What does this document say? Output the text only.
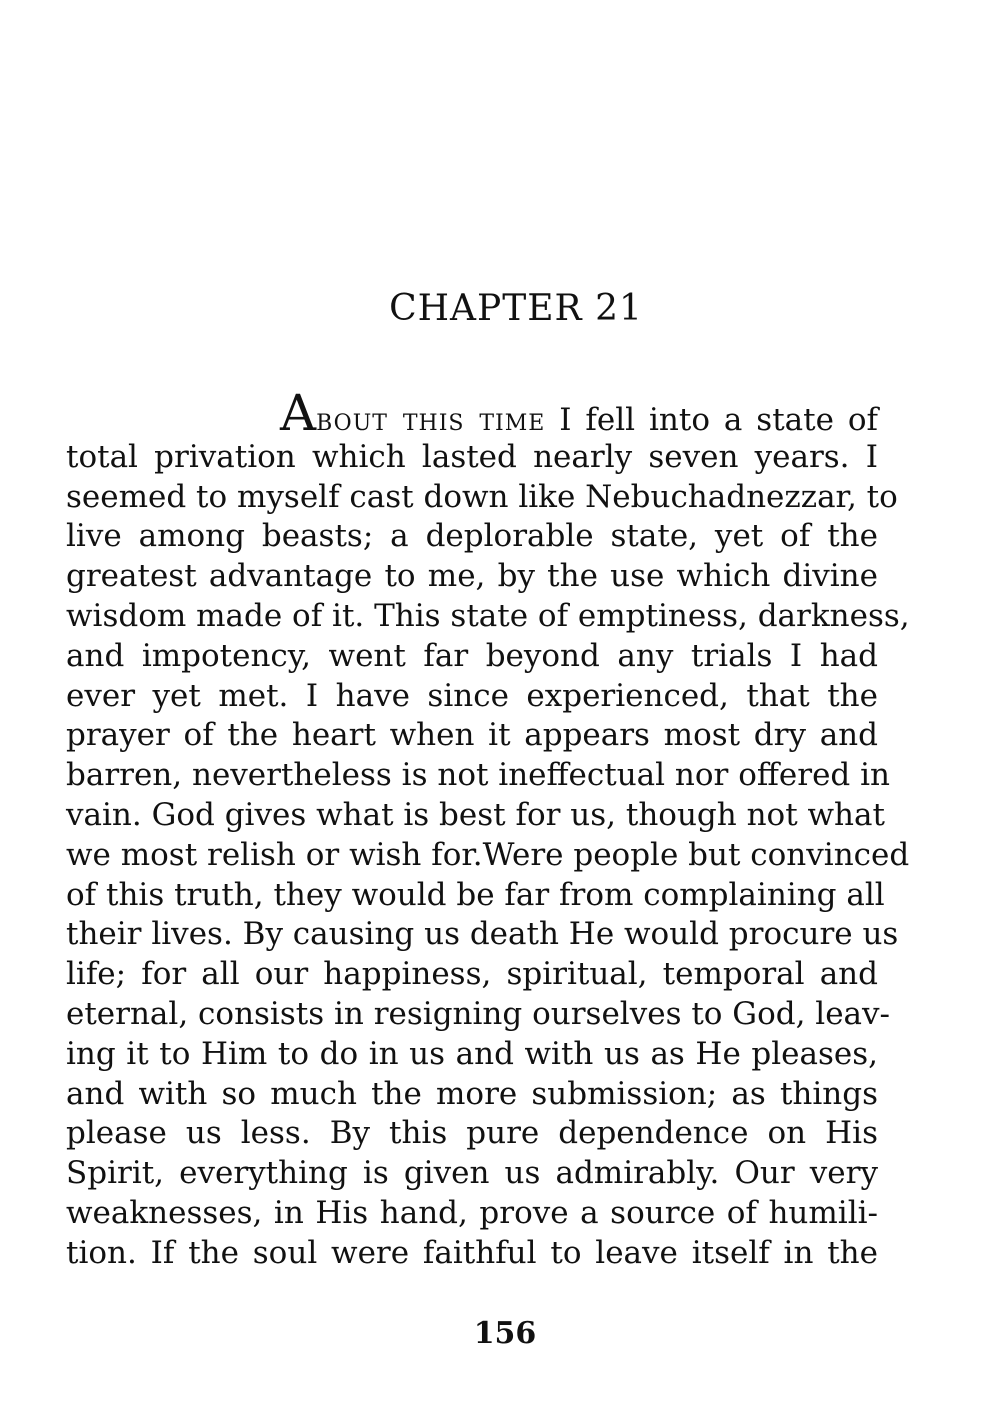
CHAPTER 21
About this time I fell into a state of
total privation which lasted nearly seven years. I
seemed to myself cast down like Nebuchadnezzar, to
live among beasts; a deplorable state, yet of the
greatest advantage to me, by the use which divine
wisdom made of it. This state of emptiness, darkness,
and impotency, went far beyond any trials I had
ever yet met. I have since experienced, that the
prayer of the heart when it appears most dry and
barren, nevertheless is not ineffectual nor offered in
vain. God gives what is best for us, though not what
we most relish or wish for.Were people but convinced
of this truth, they would be far from complaining all
their lives. By causing us death He would procure us
life; for all our happiness, spiritual, temporal and
eternal, consists in resigning ourselves to God, leav-
ing it to Him to do in us and with us as He pleases,
and with so much the more submission; as things
please us less. By this pure dependence on His
Spirit, everything is given us admirably. Our very
weaknesses, in His hand, prove a source of humili-
tion. If the soul were faithful to leave itself in the
156
